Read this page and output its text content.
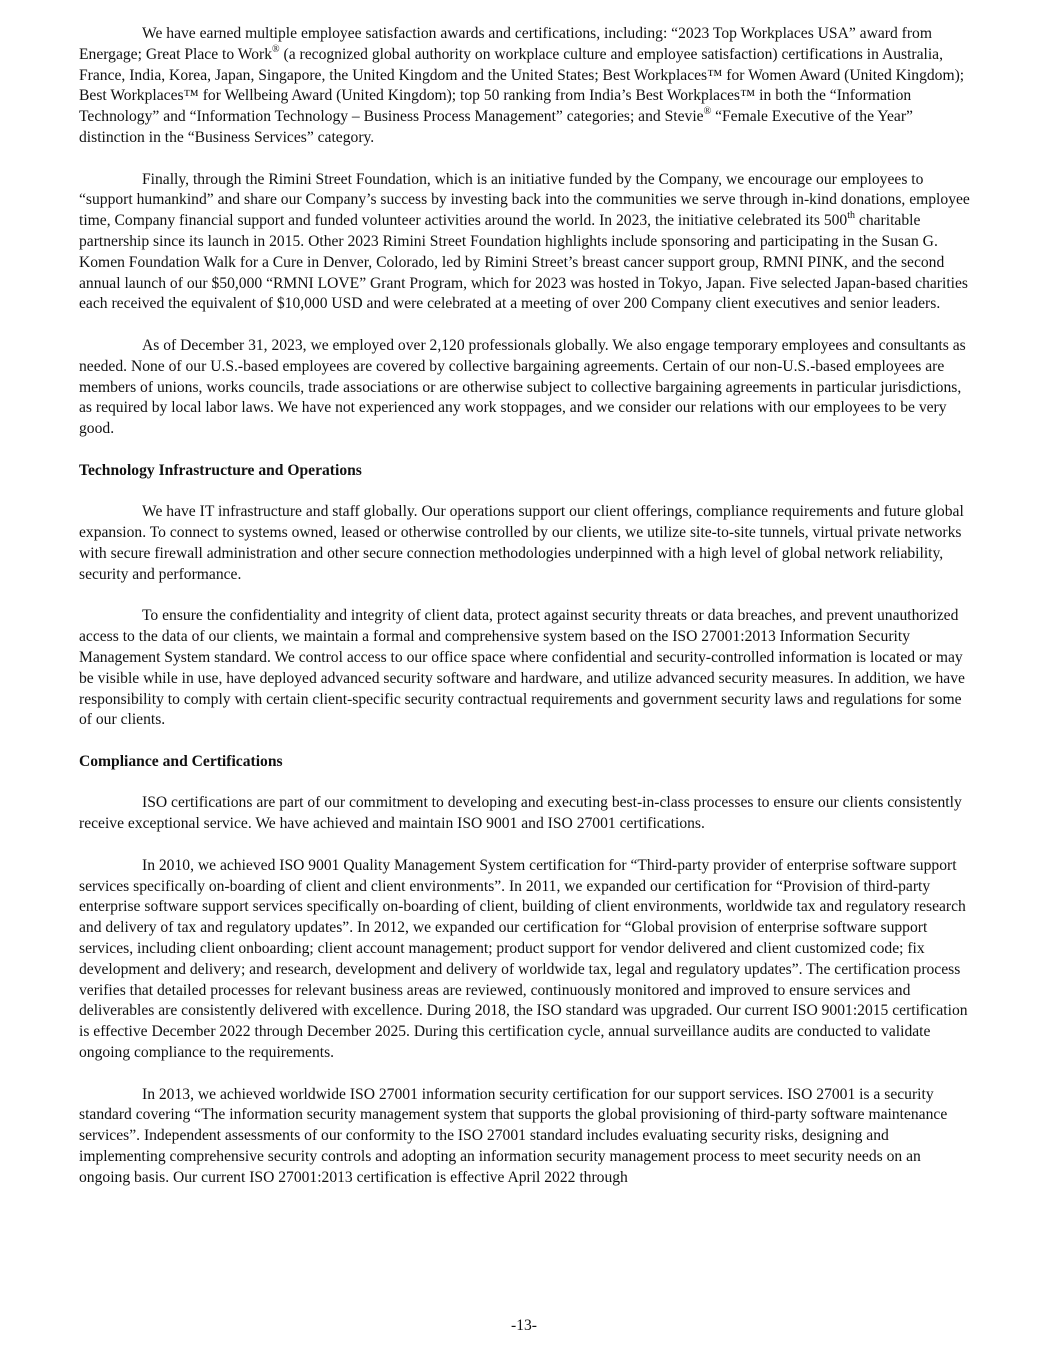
We have earned multiple employee satisfaction awards and certifications, including: “2023 Top Workplaces USA” award from Energage; Great Place to Work® (a recognized global authority on workplace culture and employee satisfaction) certifications in Australia, France, India, Korea, Japan, Singapore, the United Kingdom and the United States; Best Workplaces™ for Women Award (United Kingdom); Best Workplaces™ for Wellbeing Award (United Kingdom); top 50 ranking from India’s Best Workplaces™ in both the “Information Technology” and “Information Technology – Business Process Management” categories; and Stevie® “Female Executive of the Year” distinction in the “Business Services” category.

Finally, through the Rimini Street Foundation, which is an initiative funded by the Company, we encourage our employees to “support humankind” and share our Company’s success by investing back into the communities we serve through in-kind donations, employee time, Company financial support and funded volunteer activities around the world. In 2023, the initiative celebrated its 500th charitable partnership since its launch in 2015. Other 2023 Rimini Street Foundation highlights include sponsoring and participating in the Susan G. Komen Foundation Walk for a Cure in Denver, Colorado, led by Rimini Street’s breast cancer support group, RMNI PINK, and the second annual launch of our $50,000 “RMNI LOVE” Grant Program, which for 2023 was hosted in Tokyo, Japan. Five selected Japan-based charities each received the equivalent of $10,000 USD and were celebrated at a meeting of over 200 Company client executives and senior leaders.

As of December 31, 2023, we employed over 2,120 professionals globally. We also engage temporary employees and consultants as needed. None of our U.S.-based employees are covered by collective bargaining agreements. Certain of our non-U.S.-based employees are members of unions, works councils, trade associations or are otherwise subject to collective bargaining agreements in particular jurisdictions, as required by local labor laws. We have not experienced any work stoppages, and we consider our relations with our employees to be very good.

Technology Infrastructure and Operations

We have IT infrastructure and staff globally. Our operations support our client offerings, compliance requirements and future global expansion. To connect to systems owned, leased or otherwise controlled by our clients, we utilize site-to-site tunnels, virtual private networks with secure firewall administration and other secure connection methodologies underpinned with a high level of global network reliability, security and performance.

To ensure the confidentiality and integrity of client data, protect against security threats or data breaches, and prevent unauthorized access to the data of our clients, we maintain a formal and comprehensive system based on the ISO 27001:2013 Information Security Management System standard. We control access to our office space where confidential and security-controlled information is located or may be visible while in use, have deployed advanced security software and hardware, and utilize advanced security measures. In addition, we have responsibility to comply with certain client-specific security contractual requirements and government security laws and regulations for some of our clients.

Compliance and Certifications

ISO certifications are part of our commitment to developing and executing best-in-class processes to ensure our clients consistently receive exceptional service. We have achieved and maintain ISO 9001 and ISO 27001 certifications.

In 2010, we achieved ISO 9001 Quality Management System certification for “Third-party provider of enterprise software support services specifically on-boarding of client and client environments”. In 2011, we expanded our certification for “Provision of third-party enterprise software support services specifically on-boarding of client, building of client environments, worldwide tax and regulatory research and delivery of tax and regulatory updates”. In 2012, we expanded our certification for “Global provision of enterprise software support services, including client onboarding; client account management; product support for vendor delivered and client customized code; fix development and delivery; and research, development and delivery of worldwide tax, legal and regulatory updates”. The certification process verifies that detailed processes for relevant business areas are reviewed, continuously monitored and improved to ensure services and deliverables are consistently delivered with excellence. During 2018, the ISO standard was upgraded. Our current ISO 9001:2015 certification is effective December 2022 through December 2025. During this certification cycle, annual surveillance audits are conducted to validate ongoing compliance to the requirements.

In 2013, we achieved worldwide ISO 27001 information security certification for our support services. ISO 27001 is a security standard covering “The information security management system that supports the global provisioning of third-party software maintenance services”. Independent assessments of our conformity to the ISO 27001 standard includes evaluating security risks, designing and implementing comprehensive security controls and adopting an information security management process to meet security needs on an ongoing basis. Our current ISO 27001:2013 certification is effective April 2022 through

-13-
